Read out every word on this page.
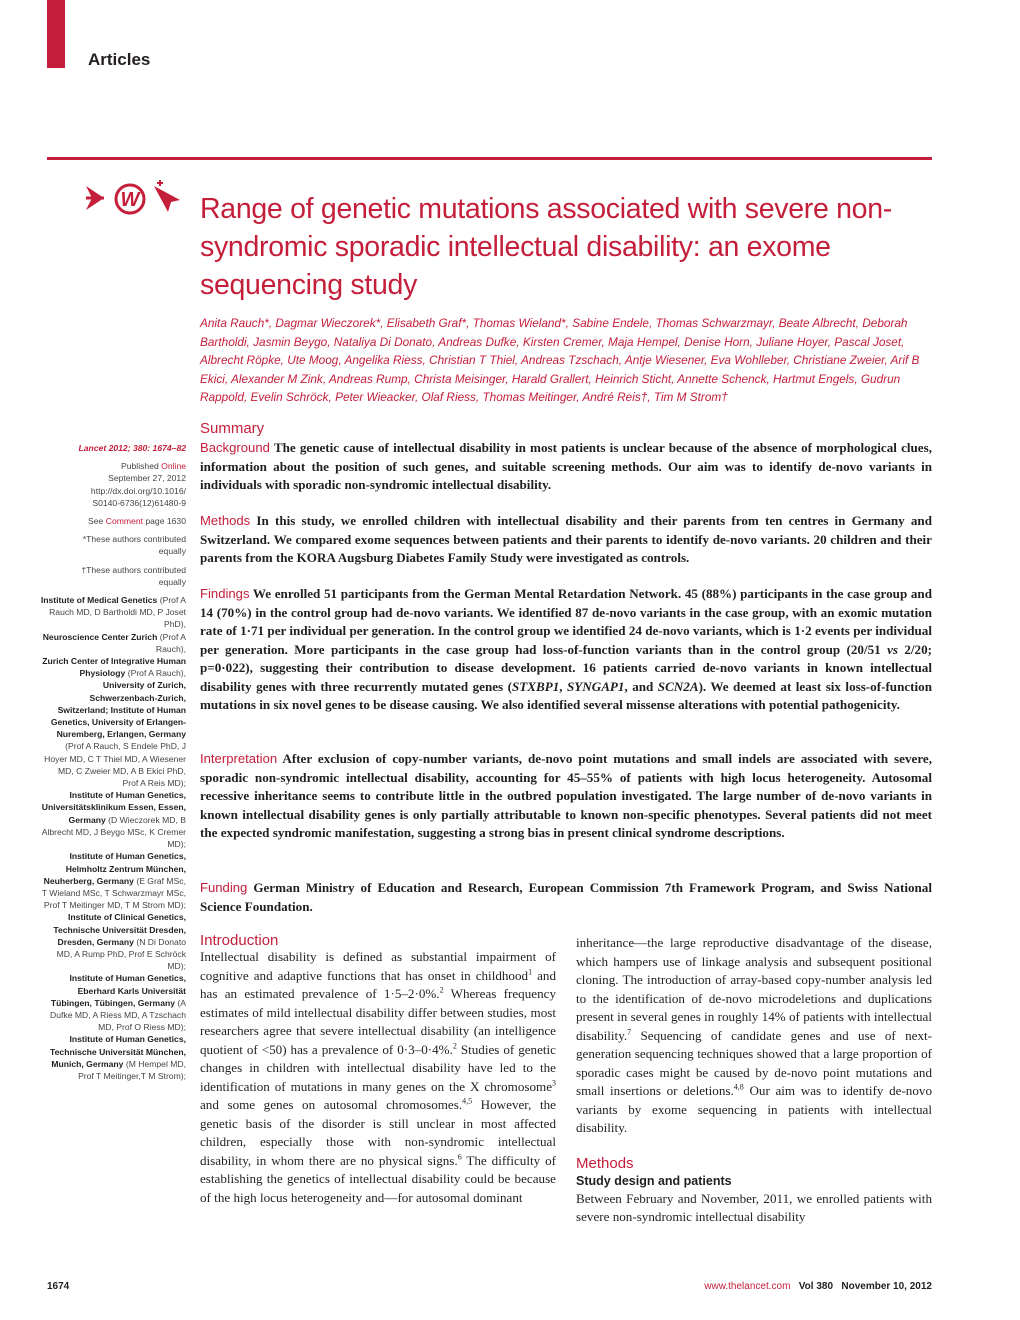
Articles
W Range of genetic mutations associated with severe non-syndromic sporadic intellectual disability: an exome sequencing study
Anita Rauch*, Dagmar Wieczorek*, Elisabeth Graf*, Thomas Wieland*, Sabine Endele, Thomas Schwarzmayr, Beate Albrecht, Deborah Bartholdi, Jasmin Beygo, Nataliya Di Donato, Andreas Dufke, Kirsten Cremer, Maja Hempel, Denise Horn, Juliane Hoyer, Pascal Joset, Albrecht Röpke, Ute Moog, Angelika Riess, Christian T Thiel, Andreas Tzschach, Antje Wiesener, Eva Wohlleber, Christiane Zweier, Arif B Ekici, Alexander M Zink, Andreas Rump, Christa Meisinger, Harald Grallert, Heinrich Sticht, Annette Schenck, Hartmut Engels, Gudrun Rappold, Evelin Schröck, Peter Wieacker, Olaf Riess, Thomas Meitinger, André Reis†, Tim M Strom†
Summary
Background The genetic cause of intellectual disability in most patients is unclear because of the absence of morphological clues, information about the position of such genes, and suitable screening methods. Our aim was to identify de-novo variants in individuals with sporadic non-syndromic intellectual disability.
Methods In this study, we enrolled children with intellectual disability and their parents from ten centres in Germany and Switzerland. We compared exome sequences between patients and their parents to identify de-novo variants. 20 children and their parents from the KORA Augsburg Diabetes Family Study were investigated as controls.
Findings We enrolled 51 participants from the German Mental Retardation Network. 45 (88%) participants in the case group and 14 (70%) in the control group had de-novo variants. We identified 87 de-novo variants in the case group, with an exomic mutation rate of 1·71 per individual per generation. In the control group we identified 24 de-novo variants, which is 1·2 events per individual per generation. More participants in the case group had loss-of-function variants than in the control group (20/51 vs 2/20; p=0·022), suggesting their contribution to disease development. 16 patients carried de-novo variants in known intellectual disability genes with three recurrently mutated genes (STXBP1, SYNGAP1, and SCN2A). We deemed at least six loss-of-function mutations in six novel genes to be disease causing. We also identified several missense alterations with potential pathogenicity.
Interpretation After exclusion of copy-number variants, de-novo point mutations and small indels are associated with severe, sporadic non-syndromic intellectual disability, accounting for 45–55% of patients with high locus heterogeneity. Autosomal recessive inheritance seems to contribute little in the outbred population investigated. The large number of de-novo variants in known intellectual disability genes is only partially attributable to known non-specific phenotypes. Several patients did not meet the expected syndromic manifestation, suggesting a strong bias in present clinical syndrome descriptions.
Funding German Ministry of Education and Research, European Commission 7th Framework Program, and Swiss National Science Foundation.

Lancet 2012; 380: 1674–82

Published Online

September 27, 2012

http://dx.doi.org/10.1016/

S0140-6736(12)61480-9

See Comment page 1630

*These authors contributed equally

†These authors contributed equally

Institute of Medical Genetics (Prof A Rauch MD, D Bartholdi MD, P Joset PhD),

Neuroscience Center Zurich (Prof A Rauch),

Zurich Center of Integrative Human Physiology (Prof A Rauch),

University of Zurich, Schwerzenbach-Zurich, Switzerland; Institute of Human Genetics, University of Erlangen-Nuremberg, Erlangen, Germany (Prof A Rauch, S Endele PhD, J Hoyer MD, C T Thiel MD, A Wiesener MD, C Zweier MD, A B Ekici PhD, Prof A Reis MD);

Institute of Human Genetics, Universitätsklinikum Essen, Essen, Germany (D Wieczorek MD, B Albrecht MD, J Beygo MSc, K Cremer MD);

Institute of Human Genetics, Helmholtz Zentrum München, Neuherberg, Germany (E Graf MSc, T Wieland MSc, T Schwarzmayr MSc, Prof T Meitinger MD, T M Strom MD);

Institute of Clinical Genetics, Technische Universität Dresden, Dresden, Germany (N Di Donato MD, A Rump PhD, Prof E Schröck MD);

Institute of Human Genetics, Eberhard Karls Universität Tübingen, Tübingen, Germany (A Dufke MD, A Riess MD, A Tzschach MD, Prof O Riess MD);

Institute of Human Genetics, Technische Universität München, Munich, Germany (M Hempel MD, Prof T Meitinger,T M Strom);

Introduction

Intellectual disability is defined as substantial impairment of cognitive and adaptive functions that has onset in childhood$^1$ and has an estimated prevalence of 1·5–2·0%.$^2$ Whereas frequency estimates of mild intellectual disability differ between studies, most researchers agree that severe intellectual disability (an intelligence quotient of <50) has a prevalence of 0·3–0·4%.$^2$ Studies of genetic changes in children with intellectual disability have led to the identification of mutations in many genes on the X chromosome$^3$ and some genes on autosomal chromosomes.$^{4,5}$ However, the genetic basis of the disorder is still unclear in most affected children, especially those with non-syndromic intellectual disability, in whom there are no physical signs.$^6$ The difficulty of establishing the genetics of intellectual disability could be because of the high locus heterogeneity and—for autosomal dominant

inheritance—the large reproductive disadvantage of the disease, which hampers use of linkage analysis and subsequent positional cloning. The introduction of array-based copy-number analysis led to the identification of de-novo microdeletions and duplications present in several genes in roughly 14% of patients with intellectual disability.$^7$ Sequencing of candidate genes and use of next-generation sequencing techniques showed that a large proportion of sporadic cases might be caused by de-novo point mutations and small insertions or deletions.$^{4,8}$ Our aim was to identify de-novo variants by exome sequencing in patients with intellectual disability.

Methods

Study design and patients

Between February and November, 2011, we enrolled patients with severe non-syndromic intellectual disability

1674	www.thelancet.com Vol 380 November 10, 2012
